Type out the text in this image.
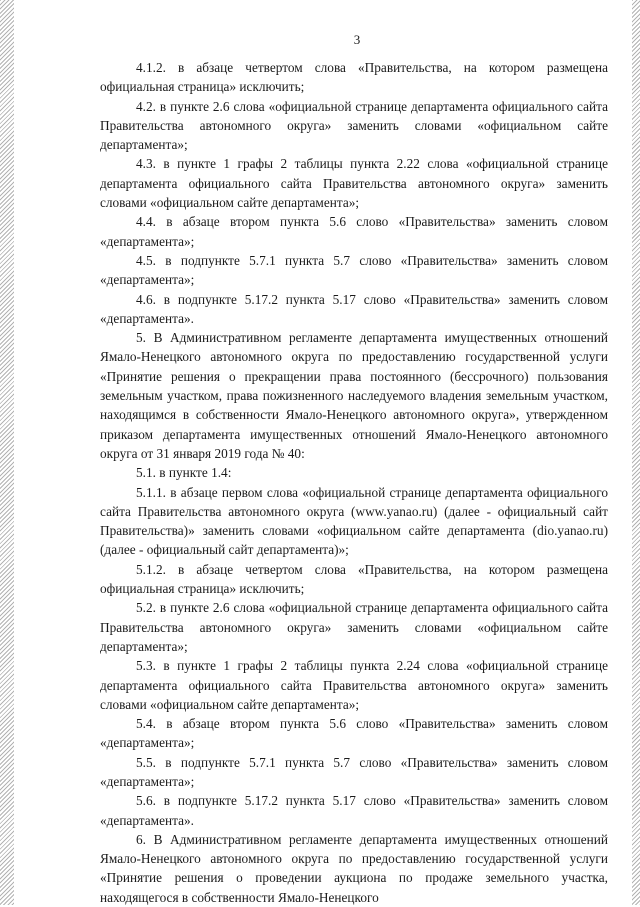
3

4.1.2. в абзаце четвертом слова «Правительства, на котором размещена официальная страница» исключить;

4.2. в пункте 2.6 слова «официальной странице департамента официального сайта Правительства автономного округа» заменить словами «официальном сайте департамента»;

4.3. в пункте 1 графы 2 таблицы пункта 2.22 слова «официальной странице департамента официального сайта Правительства автономного округа» заменить словами «официальном сайте департамента»;

4.4. в абзаце втором пункта 5.6 слово «Правительства» заменить словом «департамента»;

4.5. в подпункте 5.7.1 пункта 5.7 слово «Правительства» заменить словом «департамента»;

4.6. в подпункте 5.17.2 пункта 5.17 слово «Правительства» заменить словом «департамента».

5. В Административном регламенте департамента имущественных отношений Ямало-Ненецкого автономного округа по предоставлению государственной услуги «Принятие решения о прекращении права постоянного (бессрочного) пользования земельным участком, права пожизненного наследуемого владения земельным участком, находящимся в собственности Ямало-Ненецкого автономного округа», утвержденном приказом департамента имущественных отношений Ямало-Ненецкого автономного округа от 31 января 2019 года № 40:

5.1. в пункте 1.4:

5.1.1. в абзаце первом слова «официальной странице департамента официального сайта Правительства автономного округа (www.yanao.ru) (далее - официальный сайт Правительства)» заменить словами «официальном сайте департамента (dio.yanao.ru) (далее - официальный сайт департамента)»;

5.1.2. в абзаце четвертом слова «Правительства, на котором размещена официальная страница» исключить;

5.2. в пункте 2.6 слова «официальной странице департамента официального сайта Правительства автономного округа» заменить словами «официальном сайте департамента»;

5.3. в пункте 1 графы 2 таблицы пункта 2.24 слова «официальной странице департамента официального сайта Правительства автономного округа» заменить словами «официальном сайте департамента»;

5.4. в абзаце втором пункта 5.6 слово «Правительства» заменить словом «департамента»;

5.5. в подпункте 5.7.1 пункта 5.7 слово «Правительства» заменить словом «департамента»;

5.6. в подпункте 5.17.2 пункта 5.17 слово «Правительства» заменить словом «департамента».

6. В Административном регламенте департамента имущественных отношений Ямало-Ненецкого автономного округа по предоставлению государственной услуги «Принятие решения о проведении аукциона по продаже земельного участка, находящегося в собственности Ямало-Ненецкого
